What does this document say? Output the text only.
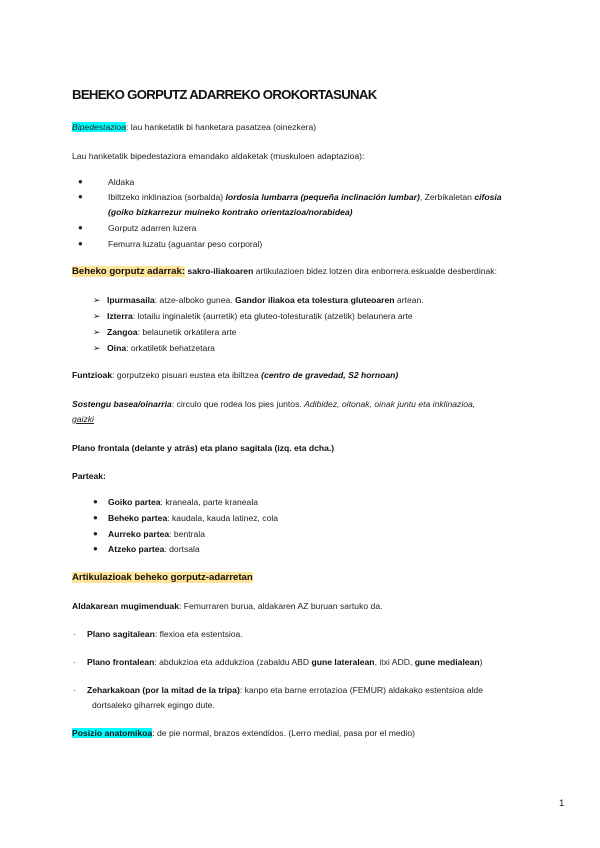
BEHEKO GORPUTZ ADARREKO OROKORTASUNAK
Bipedestazioa: lau hanketatik bi hanketara pasatzea (oinezkera)
Lau hanketatik bipedestaziora emandako aldaketak (muskuloen adaptazioa):
●	Aldaka
●	Ibiltzeko inklinazioa (sorbalda) lordosia lumbarra (pequeña inclinación lumbar), Zerbikaletan cifosia
(goiko bizkarrezur muineko kontrako orientazioa/norabidea)
●	Gorputz adarren luzera
●	Femurra luzatu (aguantar peso corporal)
Beheko gorputz adarrak: sakro-iliakoaren artikulazioen bidez lotzen dira enborrera.eskualde desberdinak:
➢ Ipurmasaila: atze-alboko gunea. Gandor iliakoa eta tolestura gluteoaren artean.
➢ Izterra: lotailu inginaletik (aurretik) eta gluteo-tolesturatik (atzetik) belaunera arte
➢ Zangoa: belaunetik orkatilera arte
➢ Oina: orkatiletik behatzetara
Funtzioak: gorputzeko pisuari eustea eta ibiltzea (centro de gravedad, S2 hornoan)
Sostengu basea/oinarria: circulo que rodea los pies juntos. Adibidez, oitonak, oinak juntu eta inklinazioa,
gaizki
Plano frontala (delante y atrás) eta plano sagitala (izq. eta dcha.)
Parteak:
● Goiko partea: kraneala, parte kraneala
● Beheko partea: kaudala, kauda latinez, cola
● Aurreko partea: bentrala
● Atzeko partea: dortsala
Artikulazioak beheko gorputz-adarretan
Aldakarean mugimenduak: Femurraren burua, aldakaren AZ buruan sartuko da.
· Plano sagitalean: flexioa eta estentsioa.
· Plano frontalean: abdukzioa eta addukzioa (zabaldu ABD gune lateralean, itxi ADD, gune medialean)
· Zeharkakoan (por la mitad de la tripa): kanpo eta barne errotazioa (FEMUR) aldakako estentsioa alde
dortsaleko giharrek egingo dute.
Posizio anatomikoa: de pie normal, brazos extendidos. (Lerro medial, pasa por el medio)
1
